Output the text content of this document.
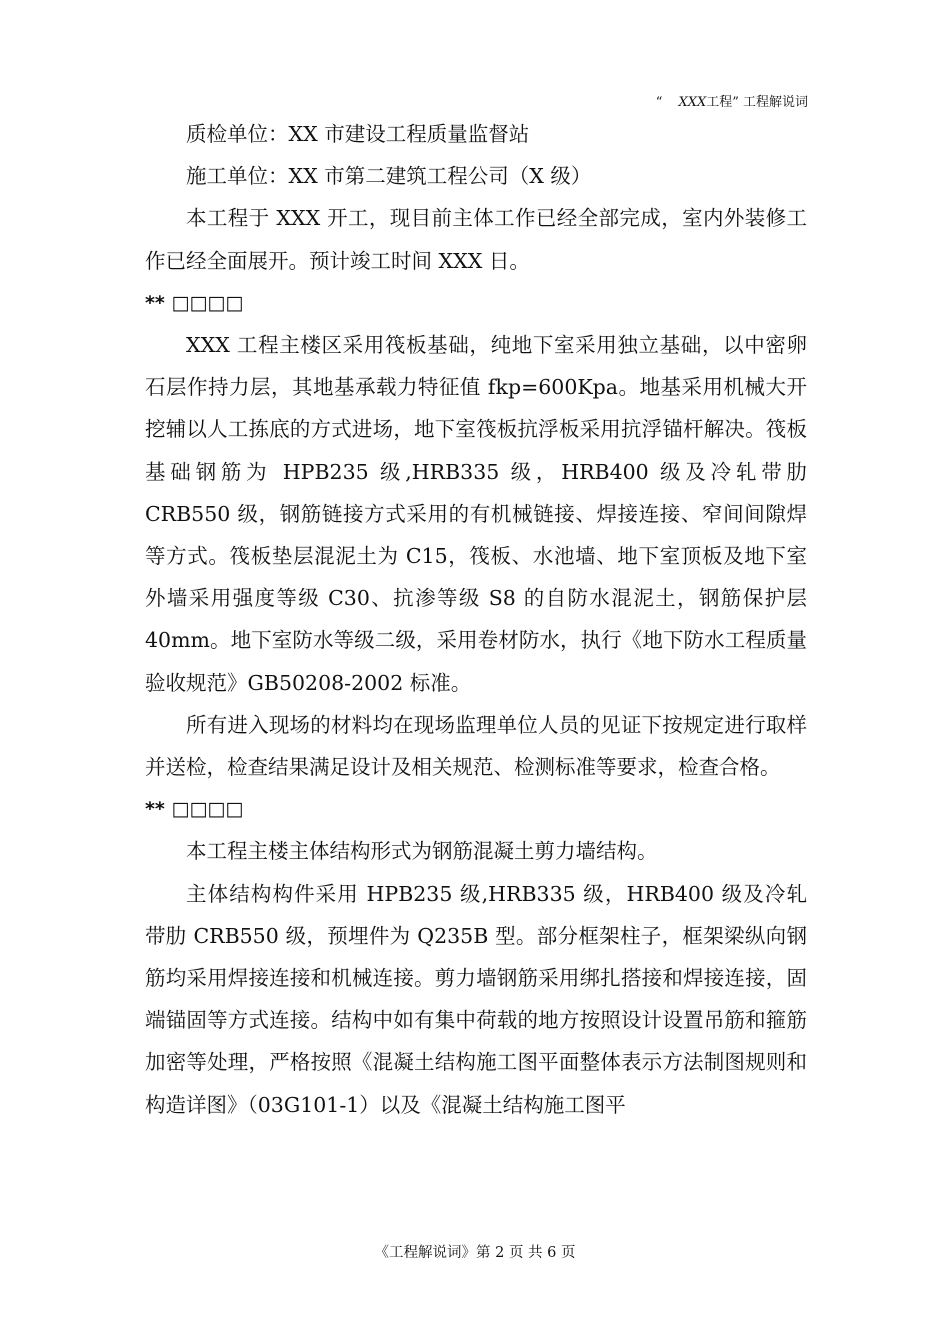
“ XXX工程” 工程解说词

质检单位：XX 市建设工程质量监督站

施工单位：XX 市第二建筑工程公司（X 级）

本工程于 XXX 开工，现目前主体工作已经全部完成，室内外装修工作已经全面展开。预计竣工时间 XXX 日。

** □□□□

XXX 工程主楼区采用筏板基础，纯地下室采用独立基础，以中密卵石层作持力层，其地基承载力特征值 fkp=600Kpa。地基采用机械大开挖辅以人工拣底的方式进场，地下室筏板抗浮板采用抗浮锚杆解决。筏板基础钢筋为 HPB235 级,HRB335 级，HRB400 级及冷轧带肋 CRB550 级，钢筋链接方式采用的有机械链接、焊接连接、窄间间隙焊等方式。筏板垫层混泥土为 C15，筏板、水池墙、地下室顶板及地下室外墙采用强度等级 C30、抗渗等级 S8 的自防水混泥土，钢筋保护层 40mm。地下室防水等级二级，采用卷材防水，执行《地下防水工程质量验收规范》GB50208-2002 标准。

所有进入现场的材料均在现场监理单位人员的见证下按规定进行取样并送检，检查结果满足设计及相关规范、检测标准等要求，检查合格。

** □□□□

本工程主楼主体结构形式为钢筋混凝土剪力墙结构。

主体结构构件采用 HPB235 级,HRB335 级，HRB400 级及冷轧带肋 CRB550 级，预埋件为 Q235B 型。部分框架柱子，框架梁纵向钢筋均采用焊接连接和机械连接。剪力墙钢筋采用绑扎搭接和焊接连接，固端锚固等方式连接。结构中如有集中荷载的地方按照设计设置吊筋和箍筋加密等处理，严格按照《混凝土结构施工图平面整体表示方法制图规则和构造详图》（03G101-1）以及《混凝土结构施工图平

《工程解说词》第 2 页 共 6 页
